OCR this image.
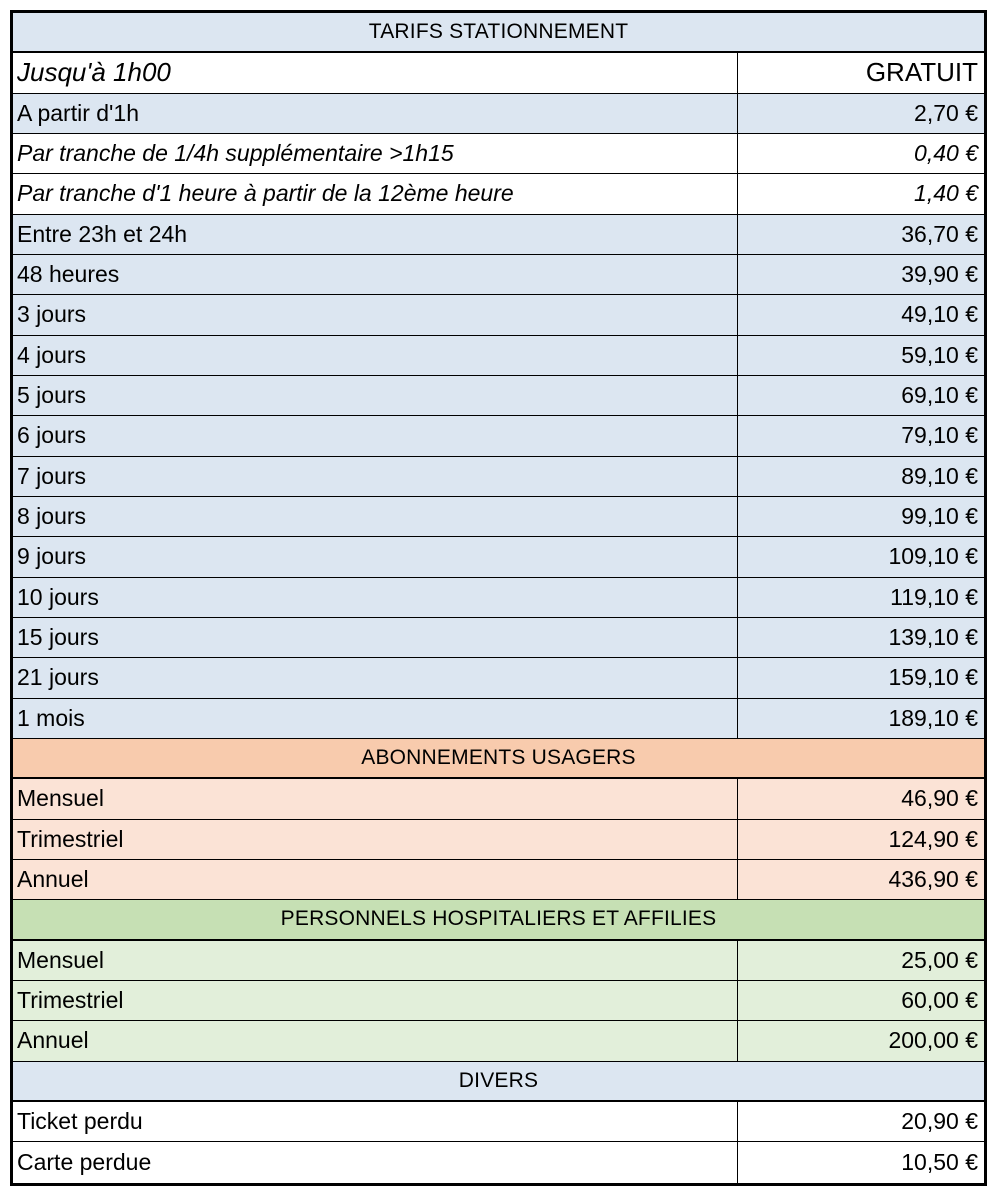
TARIFS STATIONNEMENT
Jusqu'à 1h00	GRATUIT
A partir d'1h	2,70 €
Par tranche de 1/4h supplémentaire >1h15	0,40 €
Par tranche d'1 heure à partir de la 12ème heure	1,40 €
Entre 23h et 24h	36,70 €
48 heures	39,90 €
3 jours	49,10 €
4 jours	59,10 €
5 jours	69,10 €
6 jours	79,10 €
7 jours	89,10 €
8 jours	99,10 €
9 jours	109,10 €
10 jours	119,10 €
15 jours	139,10 €
21 jours	159,10 €
1 mois	189,10 €
ABONNEMENTS USAGERS
Mensuel	46,90 €
Trimestriel	124,90 €
Annuel	436,90 €
PERSONNELS HOSPITALIERS ET AFFILIES
Mensuel	25,00 €
Trimestriel	60,00 €
Annuel	200,00 €
DIVERS
Ticket perdu	20,90 €
Carte perdue	10,50 €
